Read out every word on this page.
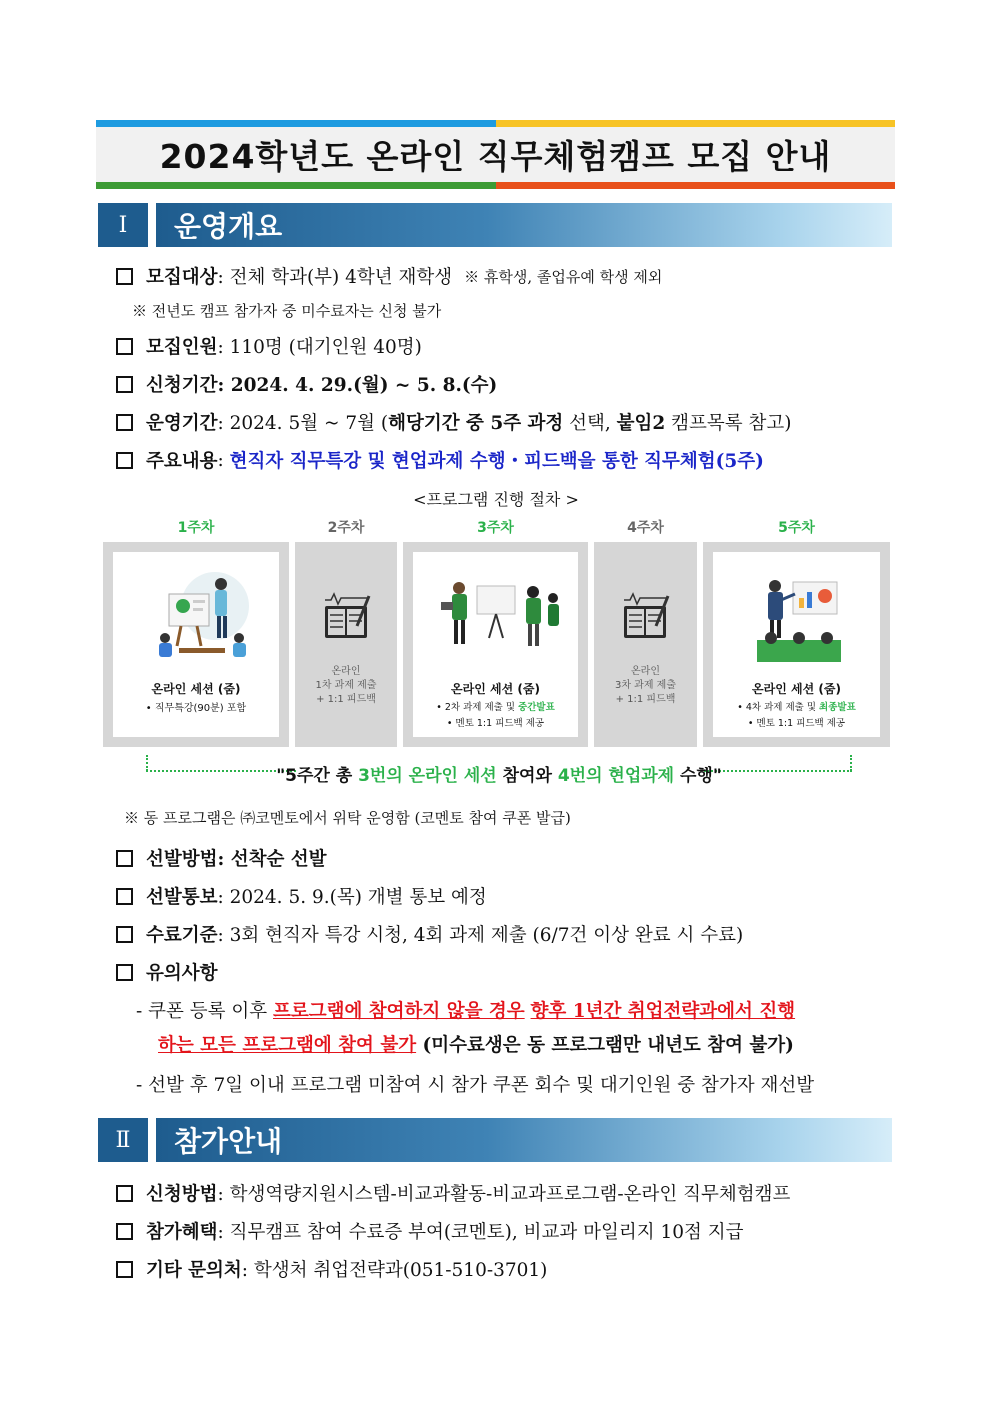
2024학년도 온라인 직무체험캠프 모집 안내
Ⅰ	운영개요
모집대상 : 전체 학과(부) 4학년 재학생 ※ 휴학생, 졸업유예 학생 제외
※ 전년도 캠프 참가자 중 미수료자는 신청 불가
모집인원 : 110명 (대기인원 40명)
신청기간 : 2024. 4. 29.(월) ~ 5. 8.(수)
운영기간 : 2024. 5월 ~ 7월 ( 해당기간 중 5주 과정 선택, 붙임2 캠프목록 참고)
주요내용 : 현직자 직무특강 및 현업과제 수행・피드백을 통한 직무체험(5주)
<프로그램 진행 절차 >
1주차	2주차	3주차	4주차	5주차
온라인 세션 (줌)
• 직무특강(90분) 포함
온라인
1차 과제 제출
+ 1:1 피드백
온라인 세션 (줌)
• 2차 과제 제출 및 중간발표
• 멘토 1:1 피드백 제공
온라인
3차 과제 제출
+ 1:1 피드백
온라인 세션 (줌)
• 4차 과제 제출 및 최종발표
• 멘토 1:1 피드백 제공
"5주간 총 3번의 온라인 세션 참여와 4번의 현업과제 수행"
※ 동 프로그램은 ㈜코멘토에서 위탁 운영함 (코멘토 참여 쿠폰 발급)
선발방법 : 선착순 선발
선발통보 : 2024. 5. 9.(목) 개별 통보 예정
수료기준 : 3회 현직자 특강 시청, 4회 과제 제출 (6/7건 이상 완료 시 수료)
유의사항
- 쿠폰 등록 이후 프로그램에 참여하지 않을 경우
향후 1년간 취업전략과에서 진행
하는 모든 프로그램에 참여 불가 (미수료생은 동 프로그램만 내년도 참여 불가)
- 선발 후 7일 이내 프로그램 미참여 시 참가 쿠폰 회수 및 대기인원 중 참가자 재선발
Ⅱ	참가안내
신청방법 : 학생역량지원시스템-비교과활동-비교과프로그램-온라인 직무체험캠프
참가혜택 : 직무캠프 참여 수료증 부여(코멘토), 비교과 마일리지 10점 지급
기타 문의처 : 학생처 취업전략과(051-510-3701)
